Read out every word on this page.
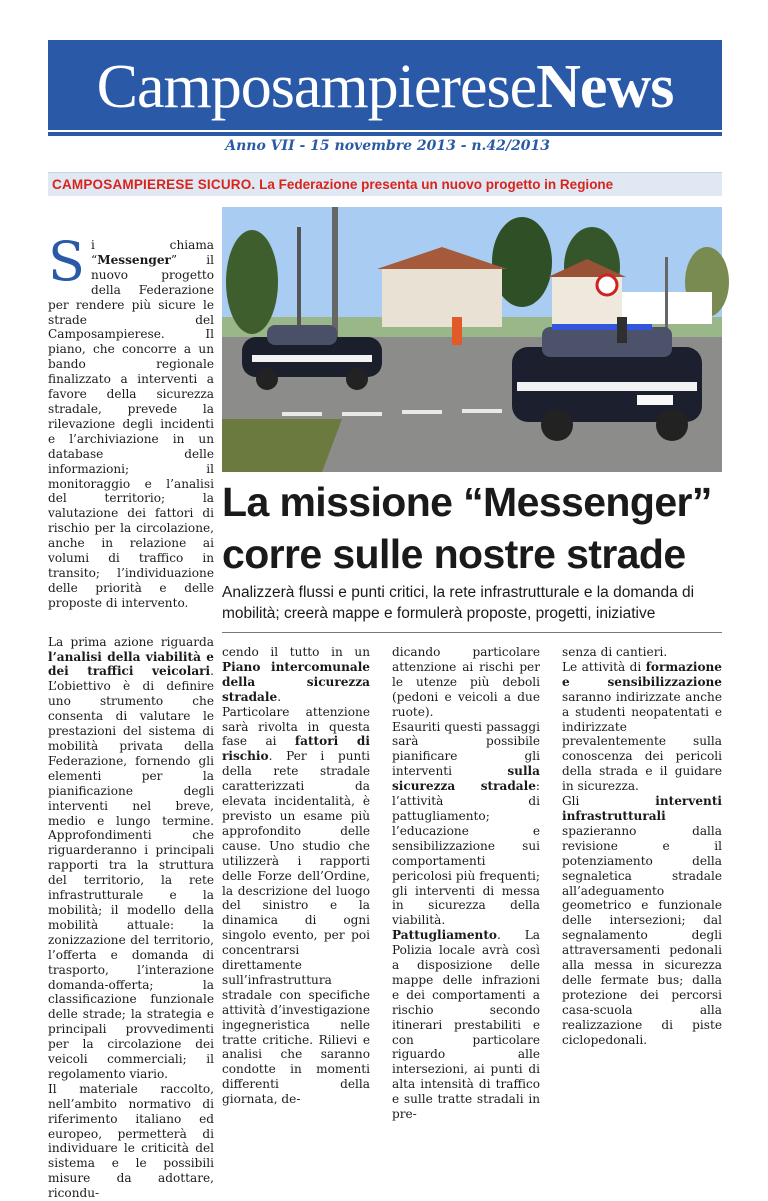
CamposampiereseNews
Anno VII - 15 novembre 2013 - n.42/2013
CAMPOSAMPIERESE SICURO. La Federazione presenta un nuovo progetto in Regione

Si chiama “Messenger” il nuovo progetto della Federazione per rendere più sicure le strade del Camposampierese. Il piano, che concorre a un bando regionale finalizzato a interventi a favore della sicurezza stradale, prevede la rilevazione degli incidenti e l’archiviazione in un database delle informazioni; il monitoraggio e l’analisi del territorio; la valutazione dei fattori di rischio per la circolazione, anche in relazione ai volumi di traffico in transito; l’individuazione delle priorità e delle proposte di intervento.

La prima azione riguarda l’analisi della viabilità e dei traffici veicolari. L’obiettivo è di definire uno strumento che consenta di valutare le prestazioni del sistema di mobilità privata della Federazione, fornendo gli elementi per la pianificazione degli interventi nel breve, medio e lungo termine. Approfondimenti che riguarderanno i principali rapporti tra la struttura del territorio, la rete infrastrutturale e la mobilità; il modello della mobilità attuale: la zonizzazione del territorio, l’offerta e domanda di trasporto, l’interazione domanda-offerta; la classificazione funzionale delle strade; la strategia e principali provvedimenti per la circolazione dei veicoli commerciali; il regolamento viario.

Il materiale raccolto, nell’ambito normativo di riferimento italiano ed europeo, permetterà di individuare le criticità del sistema e le possibili misure da adottare, ricondu-

La missione “Messenger”
corre sulle nostre strade

Analizzerà flussi e punti critici, la rete infrastrutturale e la domanda di mobilità; creerà mappe e formulerà proposte, progetti, iniziative

cendo il tutto in un Piano intercomunale della sicurezza stradale.

Particolare attenzione sarà rivolta in questa fase ai fattori di rischio. Per i punti della rete stradale caratterizzati da elevata incidentalità, è previsto un esame più approfondito delle cause. Uno studio che utilizzerà i rapporti delle Forze dell’Ordine, la descrizione del luogo del sinistro e la dinamica di ogni singolo evento, per poi concentrarsi direttamente sull’infrastruttura stradale con specifiche attività d’investigazione ingegneristica nelle tratte critiche. Rilievi e analisi che saranno condotte in momenti differenti della giornata, de-

dicando particolare attenzione ai rischi per le utenze più deboli (pedoni e veicoli a due ruote).

Esauriti questi passaggi sarà possibile pianificare gli interventi sulla sicurezza stradale: l’attività di pattugliamento; l’educazione e sensibilizzazione sui comportamenti pericolosi più frequenti; gli interventi di messa in sicurezza della viabilità.

Pattugliamento. La Polizia locale avrà così a disposizione delle mappe delle infrazioni e dei comportamenti a rischio secondo itinerari prestabiliti e con particolare riguardo alle intersezioni, ai punti di alta intensità di traffico e sulle tratte stradali in pre-

senza di cantieri.

Le attività di formazione e sensibilizzazione saranno indirizzate anche a studenti neopatentati e indirizzate prevalentemente sulla conoscenza dei pericoli della strada e il guidare in sicurezza.

Gli interventi infrastrutturali spazieranno dalla revisione e il potenziamento della segnaletica stradale all’adeguamento geometrico e funzionale delle intersezioni; dal segnalamento degli attraversamenti pedonali alla messa in sicurezza delle fermate bus; dalla protezione dei percorsi casa-scuola alla realizzazione di piste ciclopedonali.
